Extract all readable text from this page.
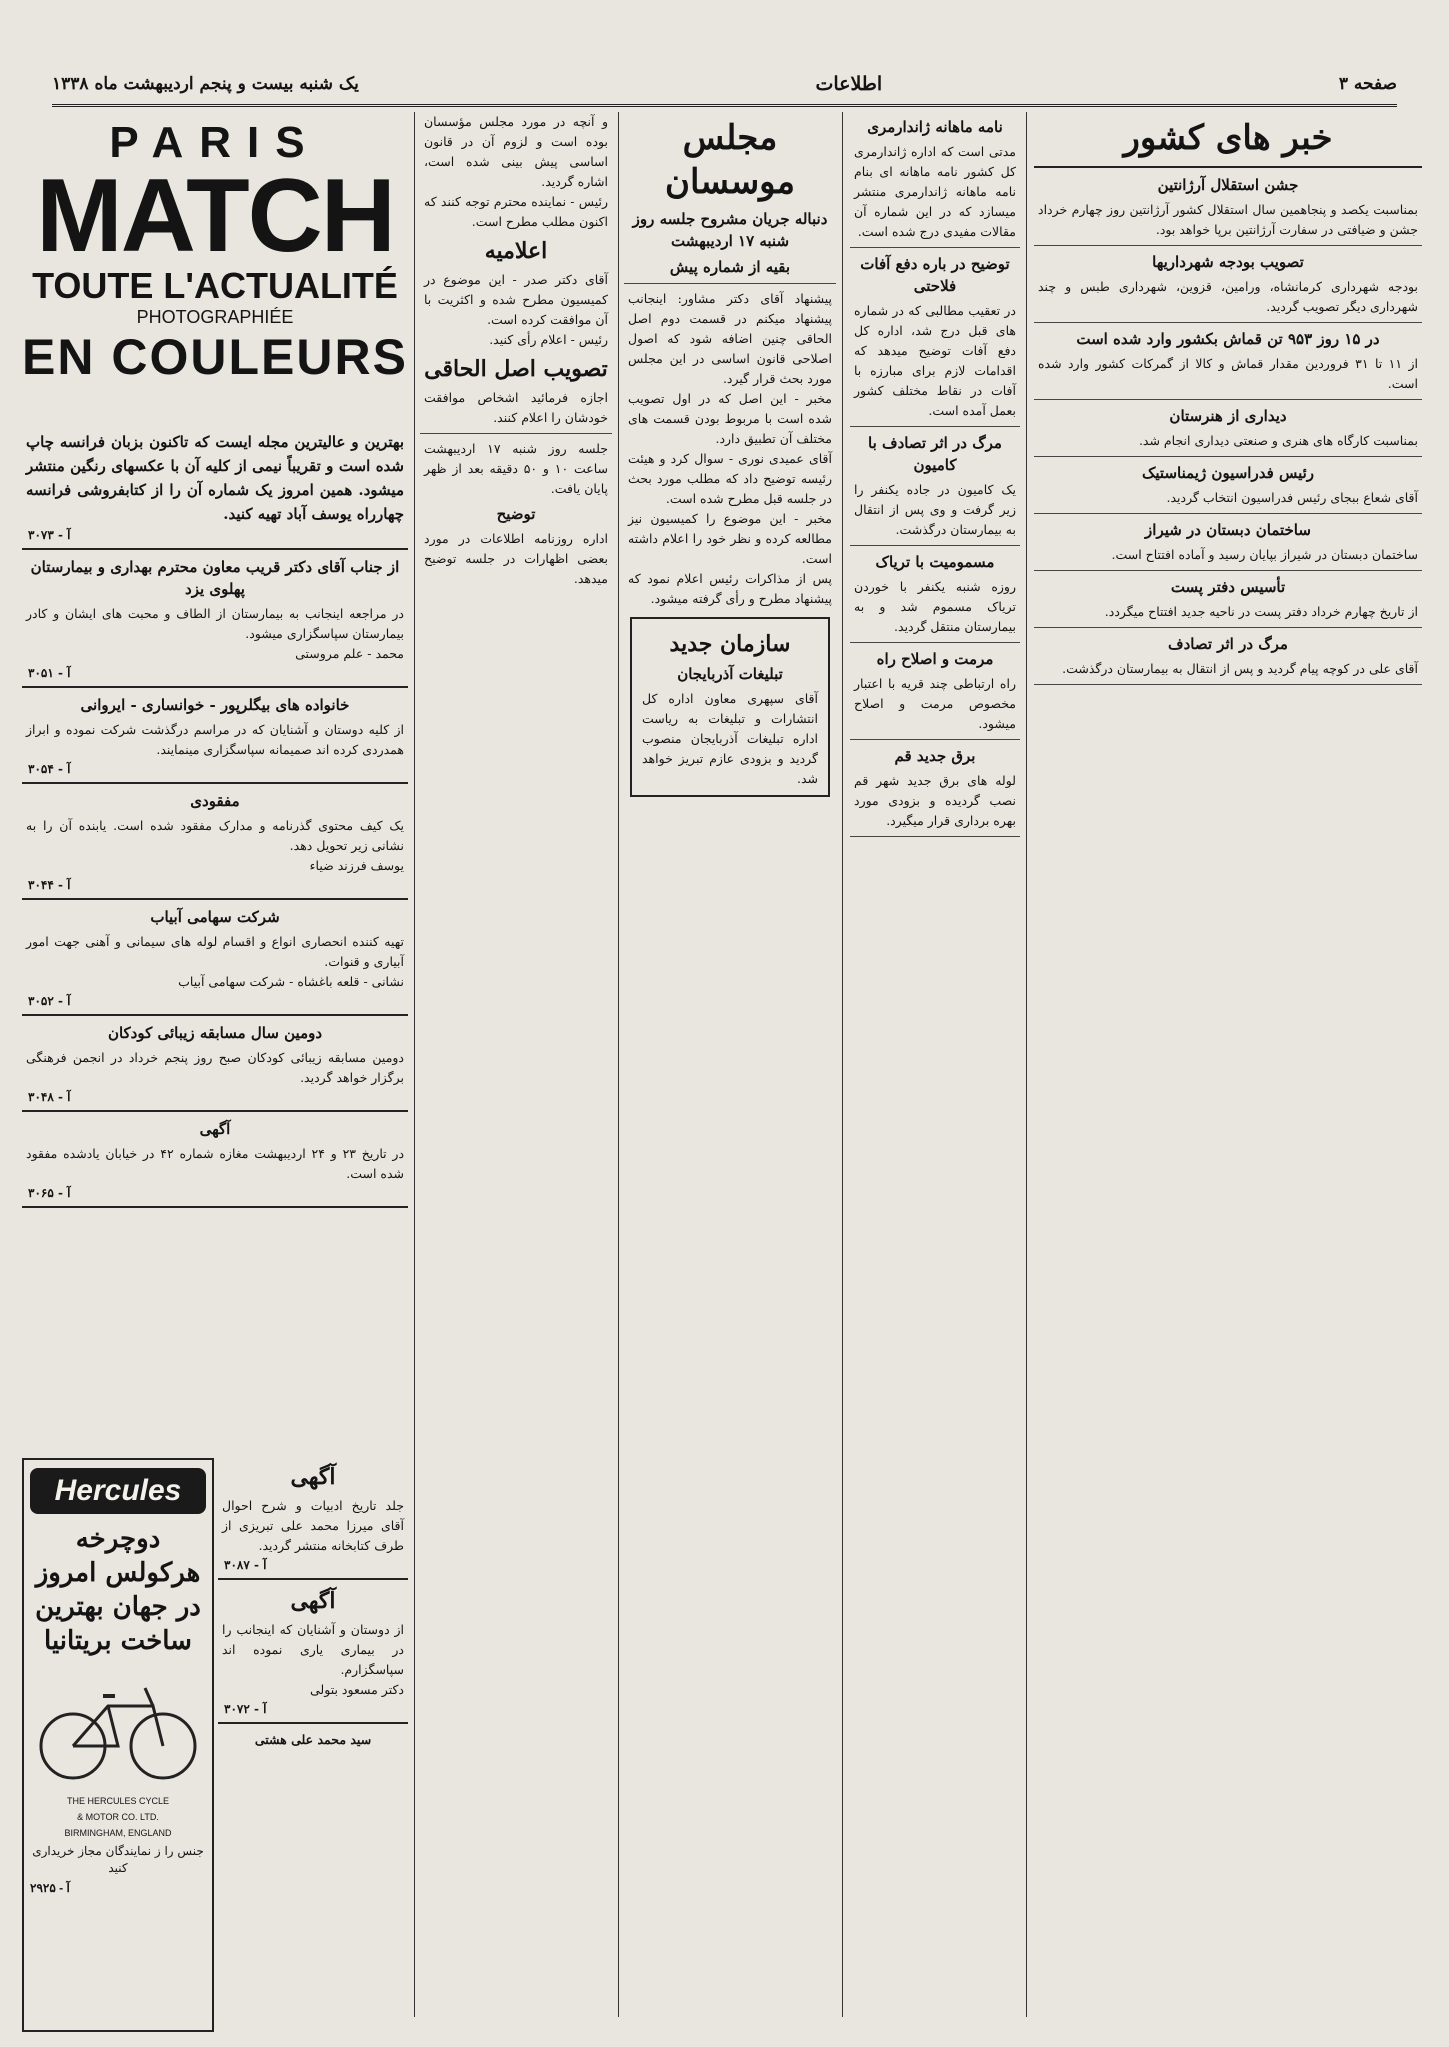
صفحه ۳
اطلاعات
یک شنبه بیست و پنجم اردیبهشت ماه ۱۳۳۸
خبر های کشور
جشن استقلال آرژانتین
بمناسبت یکصد و پنجاهمین سال استقلال کشور آرژانتین روز چهارم خرداد جشن و ضیافتی در سفارت آرژانتین برپا خواهد بود.
تصویب بودجه شهرداریها
بودجه شهرداری کرمانشاه، ورامین، قزوین، شهرداری طبس و چند شهرداری دیگر تصویب گردید.
در ۱۵ روز ۹۵۳ تن قماش بکشور وارد شده است
از ۱۱ تا ۳۱ فروردین مقدار قماش و کالا از گمرکات کشور وارد شده است.
دیداری از هنرستان
بمناسبت کارگاه های هنری و صنعتی دیداری انجام شد.
رئیس فدراسیون ژیمناستیک
آقای شعاع ببجای رئیس فدراسیون انتخاب گردید.
ساختمان دبستان در شیراز
ساختمان دبستان در شیراز بپایان رسید و آماده افتتاح است.
تأسیس دفتر پست
از تاریخ چهارم خرداد دفتر پست در ناحیه جدید افتتاح میگردد.
مرگ در اثر تصادف
آقای علی در کوچه پیام گردید و پس از انتقال به بیمارستان درگذشت.
نامه ماهانه ژاندارمری
مدتی است که اداره ژاندارمری کل کشور نامه ماهانه ای بنام نامه ماهانه ژاندارمری منتشر میسازد که در این شماره آن مقالات مفیدی درج شده است.
توضیح در باره دفع آفات فلاحتی
در تعقیب مطالبی که در شماره های قبل درج شد، اداره کل دفع آفات توضیح میدهد که اقدامات لازم برای مبارزه با آفات در نقاط مختلف کشور بعمل آمده است.
مرگ در اثر تصادف با کامیون
یک کامیون در جاده یکنفر را زیر گرفت و وی پس از انتقال به بیمارستان درگذشت.
مسمومیت با تریاک
روزه شنبه یکنفر با خوردن تریاک مسموم شد و به بیمارستان منتقل گردید.
مرمت و اصلاح راه
راه ارتباطی چند قریه با اعتبار مخصوص مرمت و اصلاح میشود.
برق جدید قم
لوله های برق جدید شهر قم نصب گردیده و بزودی مورد بهره برداری قرار میگیرد.
مجلس موسسان
دنباله جریان مشروح جلسه روز شنبه ۱۷ اردیبهشت
بقیه از شماره پیش

پیشنهاد آقای دکتر مشاور: اینجانب پیشنهاد میکنم در قسمت دوم اصل الحاقی چنین اضافه شود که اصول اصلاحی قانون اساسی در این مجلس مورد بحث قرار گیرد.

مخبر - این اصل که در اول تصویب شده است با مربوط بودن قسمت های مختلف آن تطبیق دارد.

آقای عمیدی نوری - سوال کرد و هیئت رئیسه توضیح داد که مطلب مورد بحث در جلسه قبل مطرح شده است.

مخبر - این موضوع را کمیسیون نیز مطالعه کرده و نظر خود را اعلام داشته است.

پس از مذاکرات رئیس اعلام نمود که پیشنهاد مطرح و رأی گرفته میشود.

سازمان جدید
تبلیغات آذربایجان
آقای سپهری معاون اداره کل انتشارات و تبلیغات به ریاست اداره تبلیغات آذربایجان منصوب گردید و بزودی عازم تبریز خواهد شد.

و آنچه در مورد مجلس مؤسسان بوده است و لزوم آن در قانون اساسی پیش بینی شده است، اشاره گردید.

رئیس - نماینده محترم توجه کنند که اکنون مطلب مطرح است.

اعلامیه

آقای دکتر صدر - این موضوع در کمیسیون مطرح شده و اکثریت با آن موافقت کرده است.

رئیس - اعلام رأی کنید.

تصویب اصل الحاقی

اجازه فرمائید اشخاص موافقت خودشان را اعلام کنند.

جلسه روز شنبه ۱۷ اردیبهشت ساعت ۱۰ و ۵۰ دقیقه بعد از ظهر پایان یافت.
توضیح
اداره روزنامه اطلاعات در مورد بعضی اظهارات در جلسه توضیح میدهد.
PARIS
MATCH
TOUTE L'ACTUALITÉ
PHOTOGRAPHIÉE
EN COULEURS
بهترین و عالیترین مجله ایست که تاکنون بزبان فرانسه چاپ شده است و تقریباً نیمی از کلیه آن با عکسهای رنگین منتشر میشود. همین امروز یک شماره آن را از کتابفروشی فرانسه چهارراه یوسف آباد تهیه کنید.
آ - ۳۰۷۳
از جناب آقای دکتر قریب معاون محترم بهداری و بیمارستان پهلوی یزد
در مراجعه اینجانب به بیمارستان از الطاف و محبت های ایشان و کادر بیمارستان سپاسگزاری میشود.
محمد - علم مروستی
آ - ۳۰۵۱
خانواده های بیگلرپور - خوانساری - ایروانی
از کلیه دوستان و آشنایان که در مراسم درگذشت شرکت نموده و ابراز همدردی کرده اند صمیمانه سپاسگزاری مینمایند.
آ - ۳۰۵۴
مفقودی
یک کیف محتوی گذرنامه و مدارک مفقود شده است. یابنده آن را به نشانی زیر تحویل دهد.
یوسف فرزند ضیاء
آ - ۳۰۴۴
شرکت سهامی آبیاب
تهیه کننده انحصاری انواع و اقسام لوله های سیمانی و آهنی جهت امور آبیاری و قنوات.
نشانی - قلعه باغشاه - شرکت سهامی آبیاب
آ - ۳۰۵۲
دومین سال مسابقه زیبائی کودکان
دومین مسابقه زیبائی کودکان صبح روز پنجم خرداد در انجمن فرهنگی برگزار خواهد گردید.
آ - ۳۰۴۸
آگهی
در تاریخ ۲۳ و ۲۴ اردیبهشت مغازه شماره ۴۲ در خیابان یادشده مفقود شده است.
آ - ۳۰۶۵
Hercules
دوچرخه هرکولس امروز در جهان بهترین ساخت بریتانیا
THE HERCULES CYCLE
& MOTOR CO. LTD.
BIRMINGHAM, ENGLAND
جنس را ز نمایندگان مجاز خریداری کنید
آ - ۲۹۲۵
آگهی
جلد تاریخ ادبیات و شرح احوال آقای میرزا محمد علی تبریزی از طرف کتابخانه منتشر گردید.
آ - ۳۰۸۷
آگهی
از دوستان و آشنایان که اینجانب را در بیماری یاری نموده اند سپاسگزارم.
دکتر مسعود بتولی
آ - ۳۰۷۲
سید محمد علی هشتی
